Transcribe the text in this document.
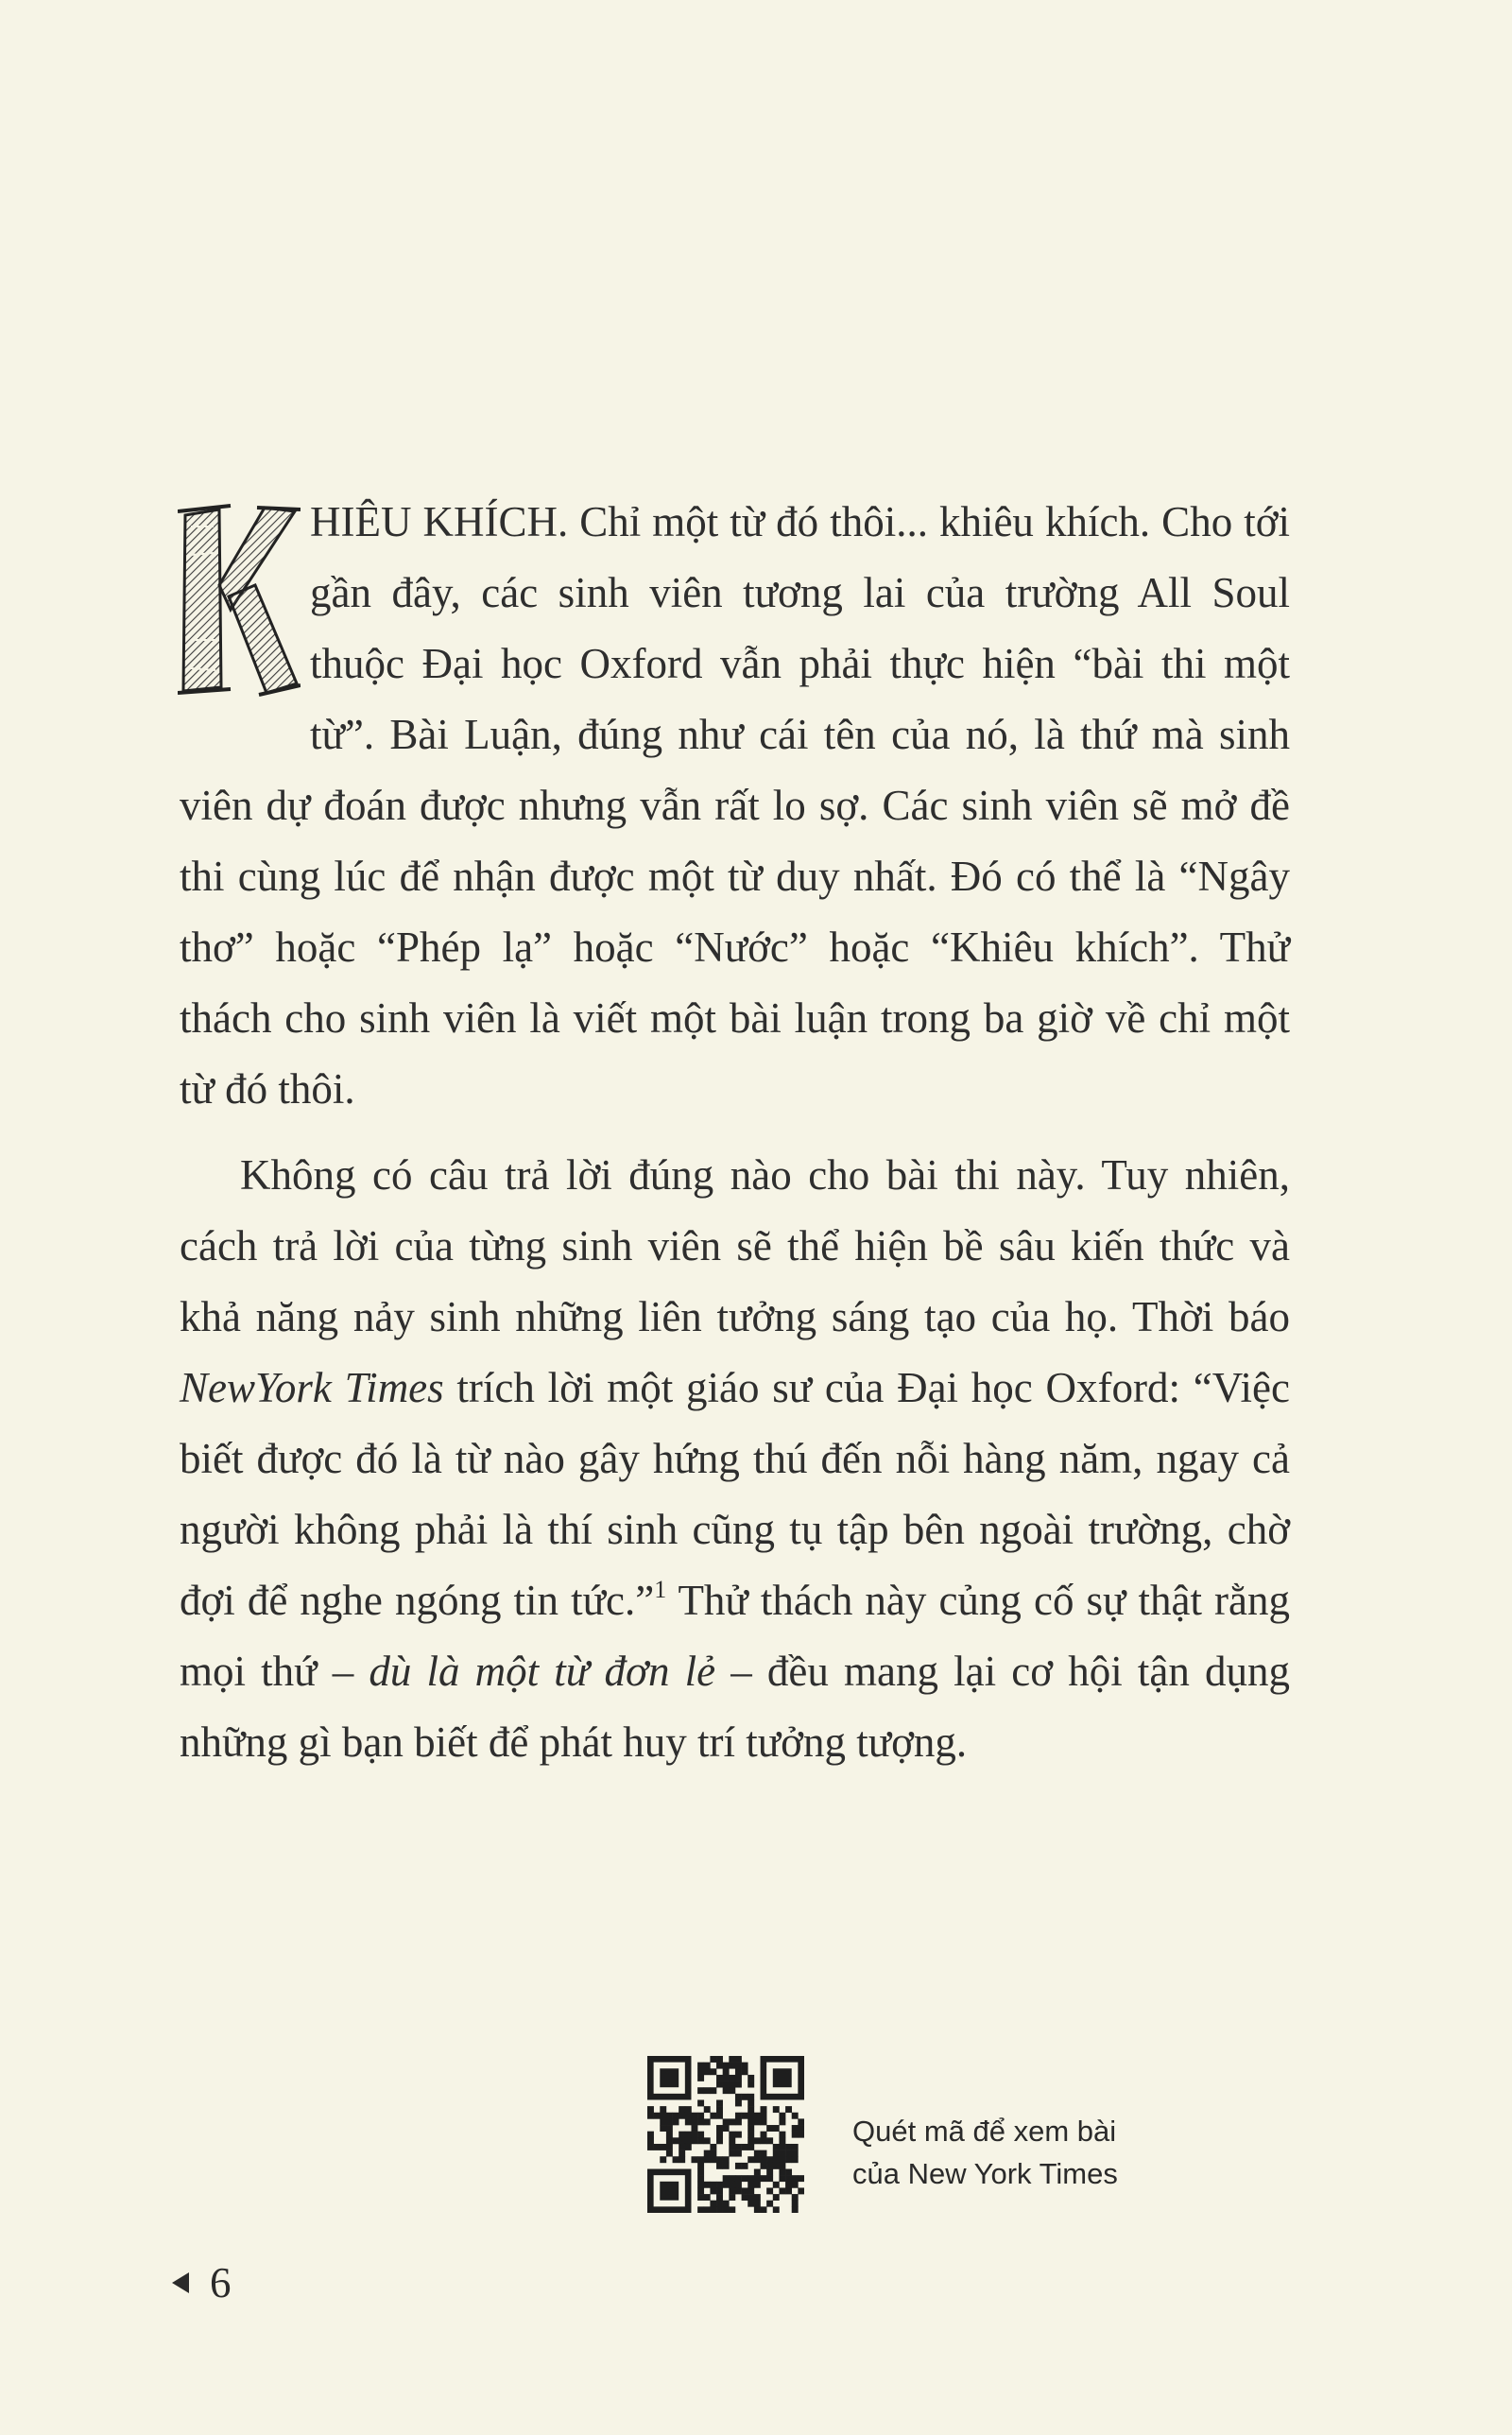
HIÊU KHÍCH. Chỉ một từ đó thôi... khiêu khích. Cho tới gần đây, các sinh viên tương lai của trường All Soul thuộc Đại học Oxford vẫn phải thực hiện “bài thi một từ”. Bài Luận, đúng như cái tên của nó, là thứ mà sinh viên dự đoán được nhưng vẫn rất lo sợ. Các sinh viên sẽ mở đề thi cùng lúc để nhận được một từ duy nhất. Đó có thể là “Ngây thơ” hoặc “Phép lạ” hoặc “Nước” hoặc “Khiêu khích”. Thử thách cho sinh viên là viết một bài luận trong ba giờ về chỉ một từ đó thôi.

Không có câu trả lời đúng nào cho bài thi này. Tuy nhiên, cách trả lời của từng sinh viên sẽ thể hiện bề sâu kiến thức và khả năng nảy sinh những liên tưởng sáng tạo của họ. Thời báo NewYork Times trích lời một giáo sư của Đại học Oxford: “Việc biết được đó là từ nào gây hứng thú đến nỗi hàng năm, ngay cả người không phải là thí sinh cũng tụ tập bên ngoài trường, chờ đợi để nghe ngóng tin tức.”$^1$ Thử thách này củng cố sự thật rằng mọi thứ – dù là một từ đơn lẻ – đều mang lại cơ hội tận dụng những gì bạn biết để phát huy trí tưởng tượng.

Quét mã để xem bài
của New York Times
6
